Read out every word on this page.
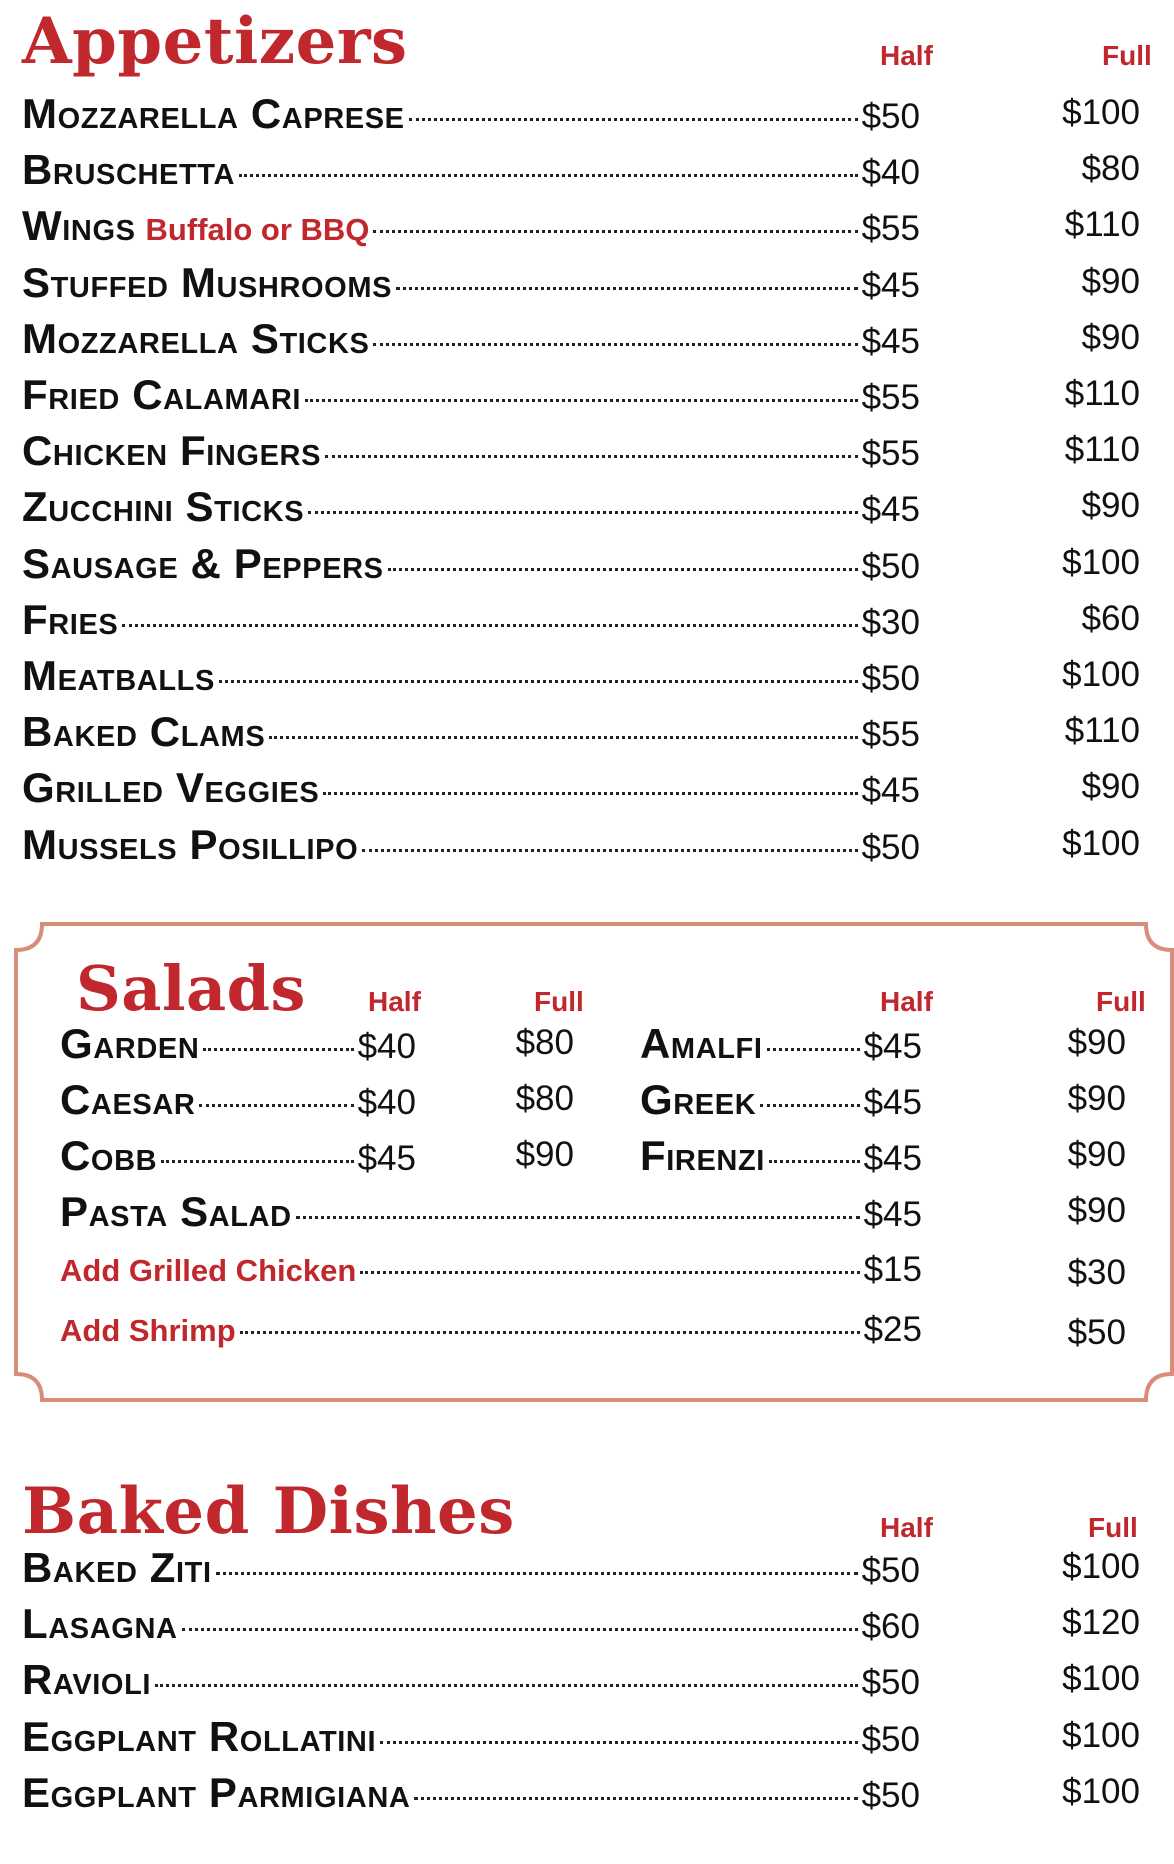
Appetizers	Half	Full
Mozzarella Caprese	$50	$100
Bruschetta	$40	$80
Wings Buffalo or BBQ	$55	$110
Stuffed Mushrooms	$45	$90
Mozzarella Sticks	$45	$90
Fried Calamari	$55	$110
Chicken Fingers	$55	$110
Zucchini Sticks	$45	$90
Sausage & Peppers	$50	$100
Fries	$30	$60
Meatballs	$50	$100
Baked Clams	$55	$110
Grilled Veggies	$45	$90
Mussels Posillipo	$50	$100
Salads Half	Full	Half	Full
Garden	$40	$80
Caesar	$40	$80
Cobb	$45	$90
Amalfi	$45	$90
Greek	$45	$90
Firenzi	$45	$90
Pasta Salad	$45	$90
Add Grilled Chicken	$15	$30
Add Shrimp	$25	$50
Baked Dishes	Half	Full
Baked Ziti	$50	$100
Lasagna	$60	$120
Ravioli	$50	$100
Eggplant Rollatini	$50	$100
Eggplant Parmigiana	$50	$100
